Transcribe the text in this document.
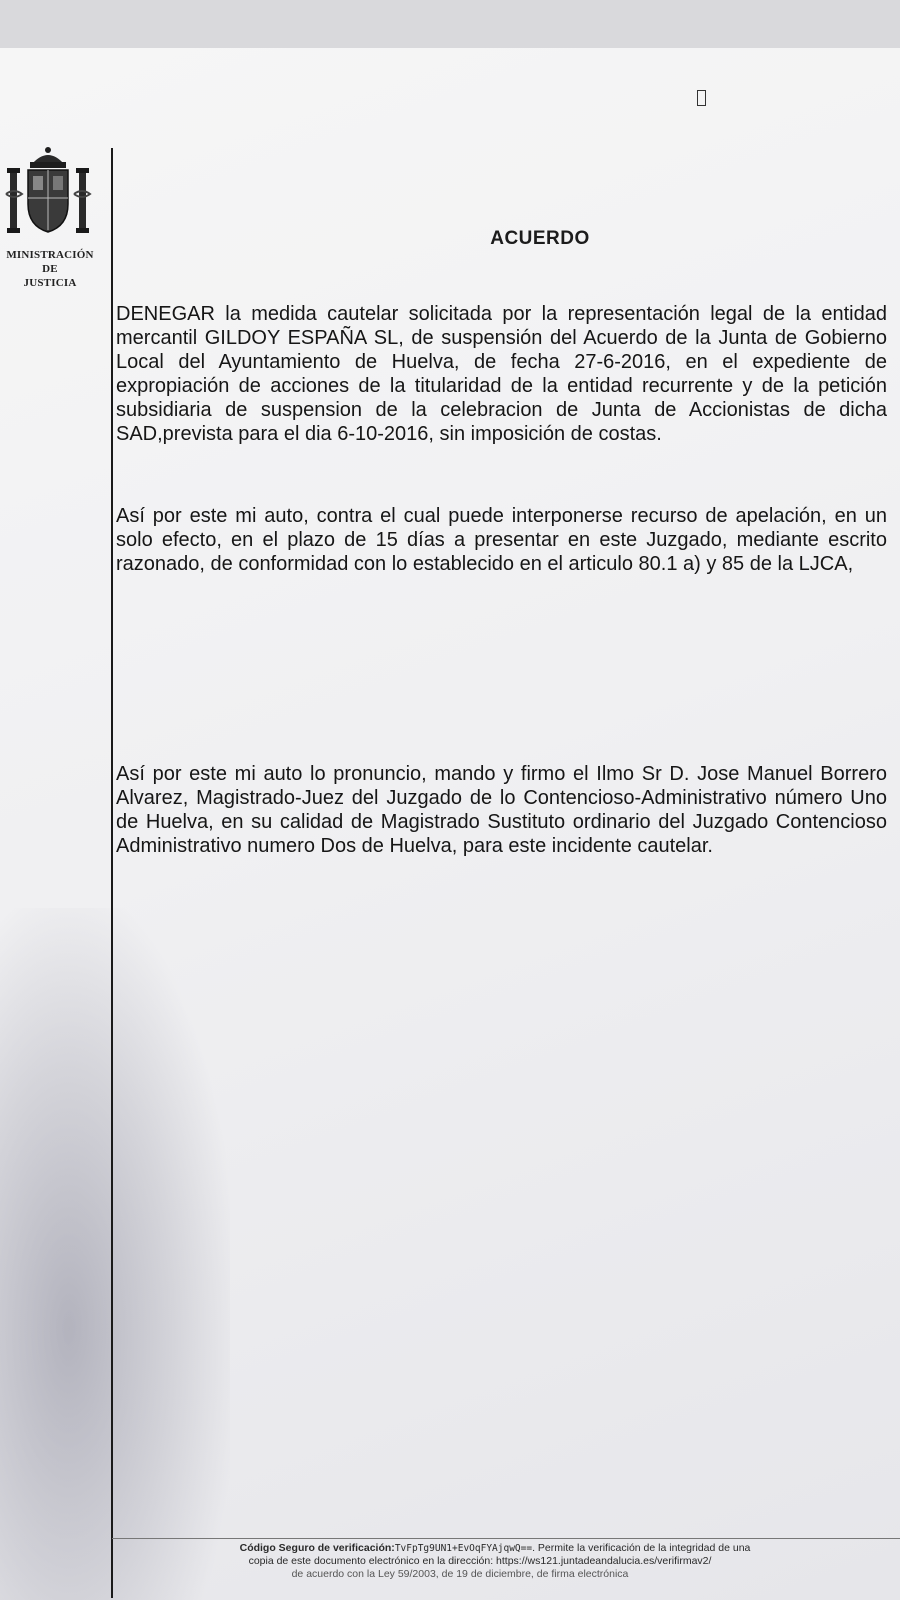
MINISTRACIÓN
DE
JUSTICIA
ACUERDO

DENEGAR la medida cautelar solicitada por la representación legal de la entidad mercantil GILDOY ESPAÑA SL, de suspensión del Acuerdo de la Junta de Gobierno Local del Ayuntamiento de Huelva, de fecha 27-6-2016, en el expediente de expropiación de acciones de la titularidad de la entidad recurrente y de la petición subsidiaria de suspension de la celebracion de Junta de Accionistas de dicha SAD,prevista para el dia 6-10-2016, sin imposición de costas.

Así por este mi auto, contra el cual puede interponerse recurso de apelación, en un solo efecto, en el plazo de 15 días a presentar en este Juzgado, mediante escrito razonado, de conformidad con lo establecido en el articulo 80.1 a) y 85 de la LJCA,

Así por este mi auto lo pronuncio, mando y firmo el Ilmo Sr D. Jose Manuel Borrero Alvarez, Magistrado-Juez del Juzgado de lo Contencioso-Administrativo número Uno de Huelva, en su calidad de Magistrado Sustituto ordinario del Juzgado Contencioso Administrativo numero Dos de Huelva, para este incidente cautelar.

Código Seguro de verificación:TvFpTg9UN1+EvOqFYAjqwQ==. Permite la verificación de la integridad de una
copia de este documento electrónico en la dirección: https://ws121.juntadeandalucia.es/verifirmav2/
de acuerdo con la Ley 59/2003, de 19 de diciembre, de firma electrónica
